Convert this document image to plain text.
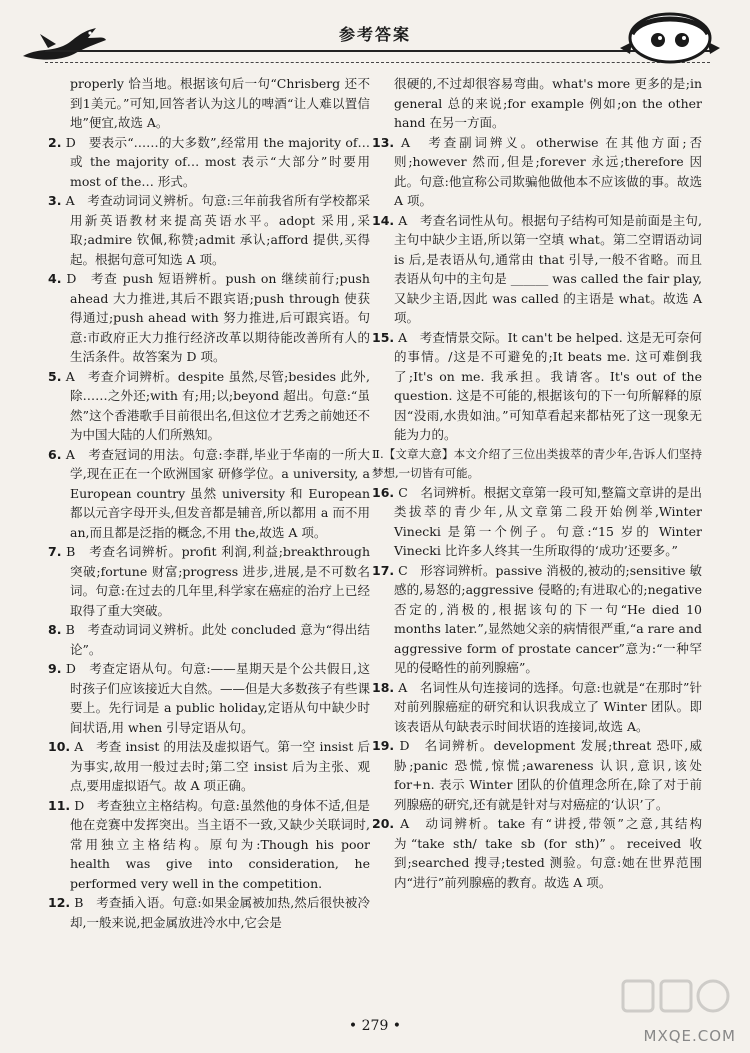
参考答案

properly 恰当地。根据该句后一句“Chrisberg 还不到1美元。”可知,回答者认为这儿的啤酒“让人难以置信地”便宜,故选 A。

2. D　要表示“……的大多数”,经常用 the majority of… 或 the majority of… most 表示“大部分”时要用 most of the… 形式。

3. A　考查动词词义辨析。句意:三年前我省所有学校都采用新英语教材来提高英语水平。adopt 采用,采取;admire 钦佩,称赞;admit 承认;afford 提供,买得起。根据句意可知选 A 项。

4. D　考查 push 短语辨析。push on 继续前行;push ahead 大力推进,其后不跟宾语;push through 使获得通过;push ahead with 努力推进,后可跟宾语。句意:市政府正大力推行经济改革以期待能改善所有人的生活条件。故答案为 D 项。

5. A　考查介词辨析。despite 虽然,尽管;besides 此外,除……之外还;with 有;用;以;beyond 超出。句意:“虽然”这个香港歌手目前很出名,但这位才艺秀之前她还不为中国大陆的人们所熟知。

6. A　考查冠词的用法。句意:李群,毕业于华南的一所大学,现在正在一个欧洲国家 研修学位。a university, a European country 虽然 university 和 European 都以元音字母开头,但发音都是辅音,所以都用 a 而不用 an,而且都是泛指的概念,不用 the,故选 A 项。

7. B　考查名词辨析。profit 利润,利益;breakthrough 突破;fortune 财富;progress 进步,进展,是不可数名词。句意:在过去的几年里,科学家在癌症的治疗上已经取得了重大突破。

8. B　考查动词词义辨析。此处 concluded 意为“得出结论”。

9. D　考查定语从句。句意:——星期天是个公共假日,这时孩子们应该接近大自然。——但是大多数孩子有些课要上。先行词是 a public holiday,定语从句中缺少时间状语,用 when 引导定语从句。

10. A　考查 insist 的用法及虚拟语气。第一空 insist 后为事实,故用一般过去时;第二空 insist 后为主张、观点,要用虚拟语气。故 A 项正确。

11. D　考查独立主格结构。句意:虽然他的身体不适,但是他在竞赛中发挥突出。当主语不一致,又缺少关联词时,常用独立主格结构。原句为:Though his poor health was give into consideration, he performed very well in the competition.

12. B　考查插入语。句意:如果金属被加热,然后很快被冷却,一般来说,把金属放进冷水中,它会是

很硬的,不过却很容易弯曲。what's more 更多的是;in general 总的来说;for example 例如;on the other hand 在另一方面。

13. A　考查副词辨义。otherwise 在其他方面;否则;however 然而,但是;forever 永远;therefore 因此。句意:他宣称公司欺骗他做他本不应该做的事。故选 A 项。

14. A　考查名词性从句。根据句子结构可知是前面是主句,主句中缺少主语,所以第一空填 what。第二空谓语动词 is 后,是表语从句,通常由 that 引导,一般不省略。而且表语从句中的主句是 ______ was called the fair play,又缺少主语,因此 was called 的主语是 what。故选 A 项。

15. A　考查情景交际。It can't be helped. 这是无可奈何的事情。/这是不可避免的;It beats me. 这可难倒我了;It's on me. 我承担。我请客。It's out of the question. 这是不可能的,根据该句的下一句所解释的原因“没雨,水贵如油。”可知草看起来都枯死了这一现象无能为力的。

Ⅱ.【文章大意】本文介绍了三位出类拔萃的青少年,告诉人们坚持梦想,一切皆有可能。

16. C　名词辨析。根据文章第一段可知,整篇文章讲的是出类拔萃的青少年,从文章第二段开始例举,Winter Vinecki 是第一个例子。句意:“15 岁的 Winter Vinecki 比许多人终其一生所取得的‘成功’还要多。”

17. C　形容词辨析。passive 消极的,被动的;sensitive 敏感的,易怒的;aggressive 侵略的;有进取心的;negative 否定的,消极的,根据该句的下一句“He died 10 months later.”,显然她父亲的病情很严重,“a rare and aggressive form of prostate cancer”意为:“一种罕见的侵略性的前列腺癌”。

18. A　名词性从句连接词的选择。句意:也就是“在那时”针对前列腺癌症的研究和认识我成立了 Winter 团队。即该表语从句缺表示时间状语的连接词,故选 A。

19. D　名词辨析。development 发展;threat 恐吓,威胁;panic 恐慌,惊慌;awareness 认识,意识,该处 for+n. 表示 Winter 团队的价值理念所在,除了对于前列腺癌的研究,还有就是针对与对癌症的‘认识’了。

20. A　动词辨析。take 有“讲授,带领”之意,其结构为“take sth/ take sb (for sth)”。received 收到;searched 搜寻;tested 测验。句意:她在世界范围内“进行”前列腺癌的教育。故选 A 项。

• 279 •
MXQE.COM
